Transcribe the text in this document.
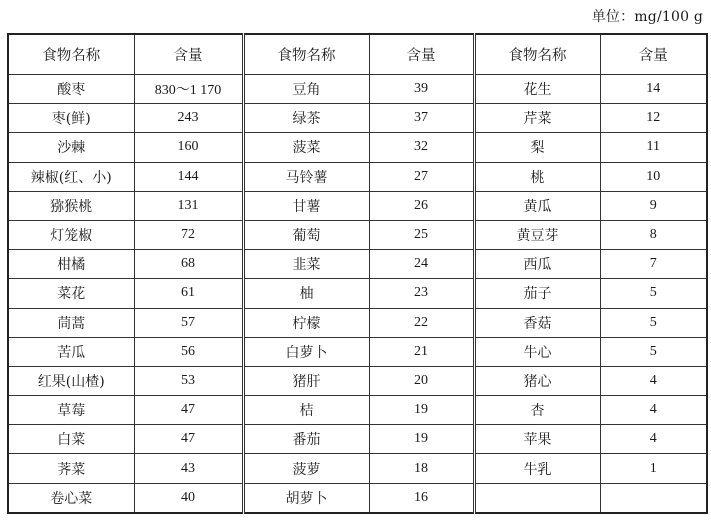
单位：mg/100 g
食物名称	含量	食物名称	含量	食物名称	含量
酸枣	830～1 170	豆角	39	花生	14
枣(鲜)	243	绿茶	37	芹菜	12
沙棘	160	菠菜	32	梨	11
辣椒(红、小)	144	马铃薯	27	桃	10
猕猴桃	131	甘薯	26	黄瓜	9
灯笼椒	72	葡萄	25	黄豆芽	8
柑橘	68	韭菜	24	西瓜	7
菜花	61	柚	23	茄子	5
茼蒿	57	柠檬	22	香菇	5
苦瓜	56	白萝卜	21	牛心	5
红果(山楂)	53	猪肝	20	猪心	4
草莓	47	桔	19	杏	4
白菜	47	番茄	19	苹果	4
荠菜	43	菠萝	18	牛乳	1
卷心菜	40	胡萝卜	16		
